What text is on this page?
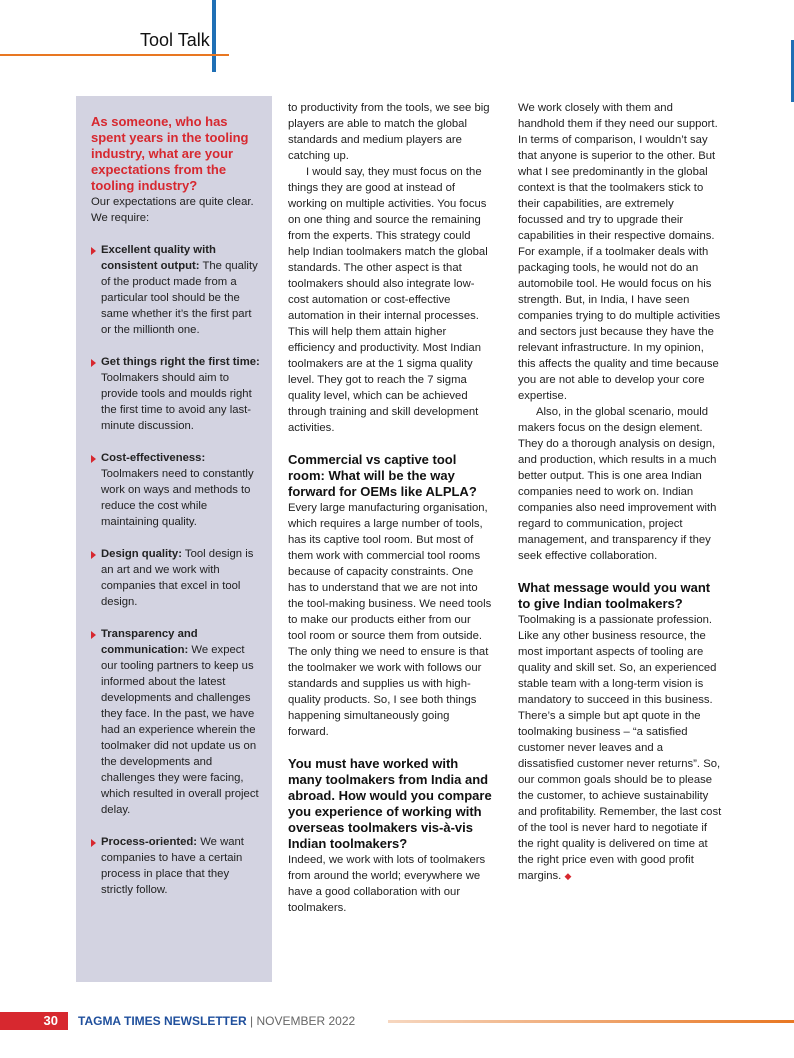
Tool Talk
As someone, who has spent years in the tooling industry, what are your expectations from the tooling industry?
Our expectations are quite clear. We require:
Excellent quality with consistent output: The quality of the product made from a particular tool should be the same whether it’s the first part or the millionth one.
Get things right the first time: Toolmakers should aim to provide tools and moulds right the first time to avoid any last-minute discussion.
Cost-effectiveness: Toolmakers need to constantly work on ways and methods to reduce the cost while maintaining quality.
Design quality: Tool design is an art and we work with companies that excel in tool design.
Transparency and communication: We expect our tooling partners to keep us informed about the latest developments and challenges they face. In the past, we have had an experience wherein the toolmaker did not update us on the developments and challenges they were facing, which resulted in overall project delay.
Process-oriented: We want companies to have a certain process in place that they strictly follow.

to productivity from the tools, we see big players are able to match the global standards and medium players are catching up.

I would say, they must focus on the things they are good at instead of working on multiple activities. You focus on one thing and source the remaining from the experts. This strategy could help Indian toolmakers match the global standards. The other aspect is that toolmakers should also integrate low-cost automation or cost-effective automation in their internal processes. This will help them attain higher efficiency and productivity. Most Indian toolmakers are at the 1 sigma quality level. They got to reach the 7 sigma quality level, which can be achieved through training and skill development activities.

Commercial vs captive tool room: What will be the way forward for OEMs like ALPLA?

Every large manufacturing organisation, which requires a large number of tools, has its captive tool room. But most of them work with commercial tool rooms because of capacity constraints. One has to understand that we are not into the tool-making business. We need tools to make our products either from our tool room or source them from outside. The only thing we need to ensure is that the toolmaker we work with follows our standards and supplies us with high-quality products. So, I see both things happening simultaneously going forward.

You must have worked with many toolmakers from India and abroad. How would you compare you experience of working with overseas toolmakers vis-à-vis Indian toolmakers?

Indeed, we work with lots of toolmakers from around the world; everywhere we have a good collaboration with our toolmakers.

We work closely with them and handhold them if they need our support. In terms of comparison, I wouldn’t say that anyone is superior to the other. But what I see predominantly in the global context is that the toolmakers stick to their capabilities, are extremely focussed and try to upgrade their capabilities in their respective domains. For example, if a toolmaker deals with packaging tools, he would not do an automobile tool. He would focus on his strength. But, in India, I have seen companies trying to do multiple activities and sectors just because they have the relevant infrastructure. In my opinion, this affects the quality and time because you are not able to develop your core expertise.

Also, in the global scenario, mould makers focus on the design element. They do a thorough analysis on design, and production, which results in a much better output. This is one area Indian companies need to work on. Indian companies also need improvement with regard to communication, project management, and transparency if they seek effective collaboration.

What message would you want to give Indian toolmakers?

Toolmaking is a passionate profession. Like any other business resource, the most important aspects of tooling are quality and skill set. So, an experienced stable team with a long-term vision is mandatory to succeed in this business. There’s a simple but apt quote in the toolmaking business – “a satisfied customer never leaves and a dissatisfied customer never returns”. So, our common goals should be to please the customer, to achieve sustainability and profitability. Remember, the last cost of the tool is never hard to negotiate if the right quality is delivered on time at the right price even with good profit margins. ◆

30 TAGMA TIMES NEWSLETTER | NOVEMBER 2022
